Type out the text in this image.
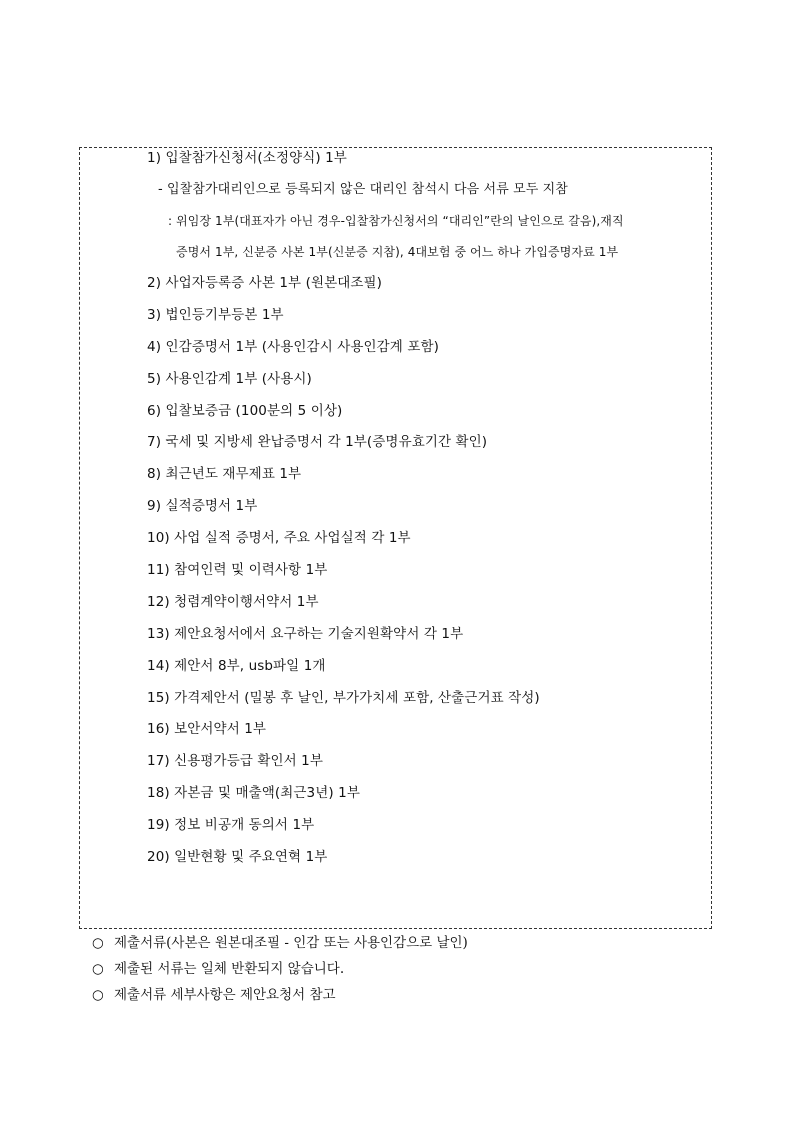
1) 입찰참가신청서(소정양식) 1부
- 입찰참가대리인으로 등록되지 않은 대리인 참석시 다음 서류 모두 지참
: 위임장 1부(대표자가 아닌 경우-입찰참가신청서의 “대리인”란의 날인으로 갈음),재직
증명서 1부, 신분증 사본 1부(신분증 지참), 4대보험 중 어느 하나 가입증명자료 1부
2) 사업자등록증 사본 1부 (원본대조필)
3) 법인등기부등본 1부
4) 인감증명서 1부 (사용인감시 사용인감계 포함)
5) 사용인감계 1부 (사용시)
6) 입찰보증금 (100분의 5 이상)
7) 국세 및 지방세 완납증명서 각 1부(증명유효기간 확인)
8) 최근년도 재무제표 1부
9) 실적증명서 1부
10) 사업 실적 증명서, 주요 사업실적 각 1부
11) 참여인력 및 이력사항 1부
12) 청렴계약이행서약서 1부
13) 제안요청서에서 요구하는 기술지원확약서 각 1부
14) 제안서 8부, usb파일 1개
15) 가격제안서 (밀봉 후 날인, 부가가치세 포함, 산출근거표 작성)
16) 보안서약서 1부
17) 신용평가등급 확인서 1부
18) 자본금 및 매출액(최근3년) 1부
19) 정보 비공개 동의서 1부
20) 일반현황 및 주요연혁 1부
○ 제출서류(사본은 원본대조필 - 인감 또는 사용인감으로 날인)
○ 제출된 서류는 일체 반환되지 않습니다.
○ 제출서류 세부사항은 제안요청서 참고
